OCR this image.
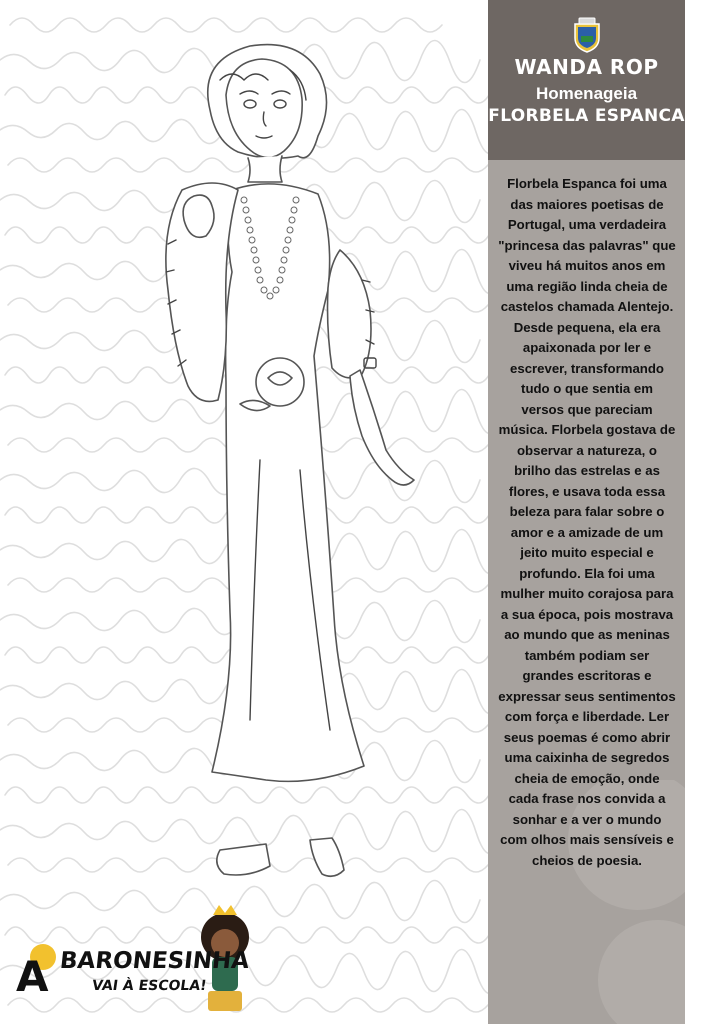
WANDA ROP
Homenageia
FLORBELA ESPANCA
Florbela Espanca foi uma das maiores poetisas de Portugal, uma verdadeira "princesa das palavras" que viveu há muitos anos em uma região linda cheia de castelos chamada Alentejo. Desde pequena, ela era apaixonada por ler e escrever, transformando tudo o que sentia em versos que pareciam música. Florbela gostava de observar a natureza, o brilho das estrelas e as flores, e usava toda essa beleza para falar sobre o amor e a amizade de um jeito muito especial e profundo. Ela foi uma mulher muito corajosa para a sua época, pois mostrava ao mundo que as meninas também podiam ser grandes escritoras e expressar seus sentimentos com força e liberdade. Ler seus poemas é como abrir uma caixinha de segredos cheia de emoção, onde cada frase nos convida a sonhar e a ver o mundo com olhos mais sensíveis e cheios de poesia.
A BARONESINHA
VAI À ESCOLA!
